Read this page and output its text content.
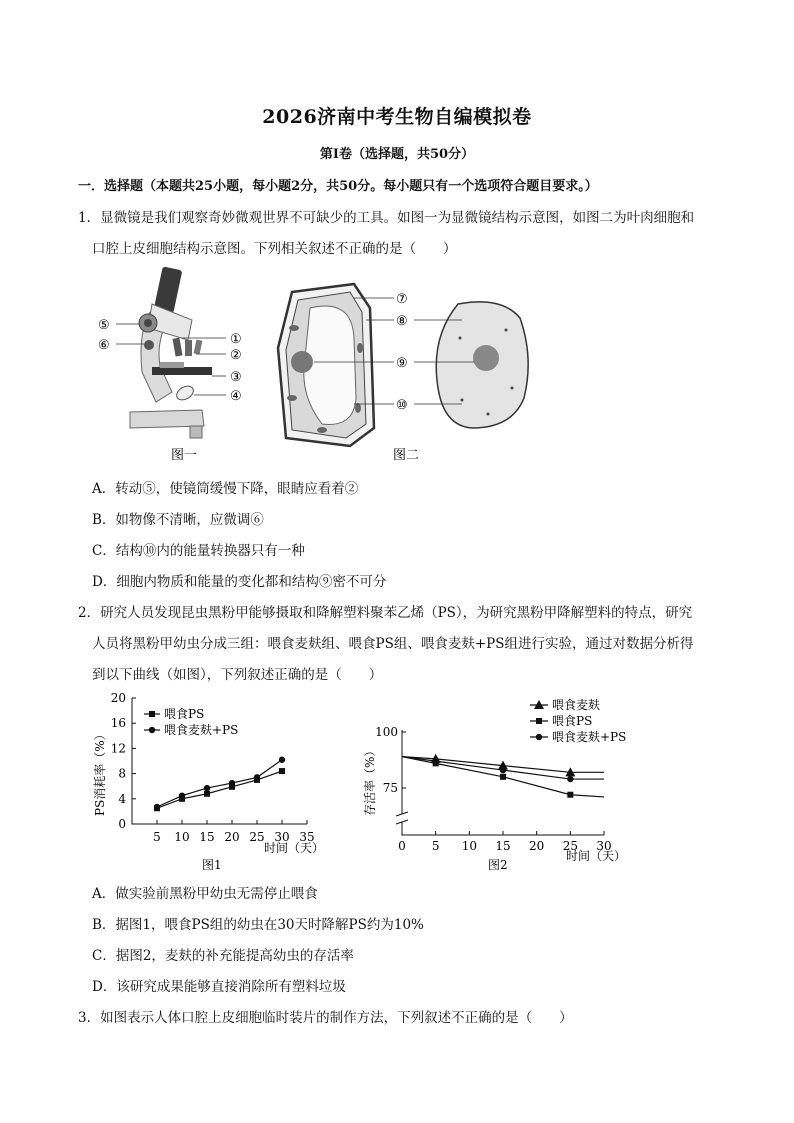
2026济南中考生物自编模拟卷
第I卷（选择题，共50分）
一．选择题（本题共25小题，每小题2分，共50分。每小题只有一个选项符合题目要求。）
1．显微镜是我们观察奇妙微观世界不可缺少的工具。如图一为显微镜结构示意图，如图二为叶肉细胞和
口腔上皮细胞结构示意图。下列相关叙述不正确的是（　　）
⑤
⑥	①
②
③
④
图一
⑦
⑧
⑨
⑩
图二
A．转动⑤，使镜筒缓慢下降，眼睛应看着②
B．如物像不清晰，应微调⑥
C．结构⑩内的能量转换器只有一种
D．细胞内物质和能量的变化都和结构⑨密不可分
2．研究人员发现昆虫黑粉甲能够摄取和降解塑料聚苯乙烯（PS），为研究黑粉甲降解塑料的特点，研究
人员将黑粉甲幼虫分成三组：喂食麦麸组、喂食PS组、喂食麦麸+PS组进行实验，通过对数据分析得
到以下曲线（如图），下列叙述正确的是（　　）
时间（天）
PS消耗率（%）
图1
喂食PS
喂食麦麸+PS
0
4
8
12
16
20
5 10 15 20 25 30 35
时间（天）
存活率（%）
图2
喂食麦麸
喂食PS
喂食麦麸+PS
75
100
0 5 10 15 20 25 30
A．做实验前黑粉甲幼虫无需停止喂食
B．据图1，喂食PS组的幼虫在30天时降解PS约为10%
C．据图2，麦麸的补充能提高幼虫的存活率
D．该研究成果能够直接消除所有塑料垃圾
3．如图表示人体口腔上皮细胞临时装片的制作方法，下列叙述不正确的是（　　）
